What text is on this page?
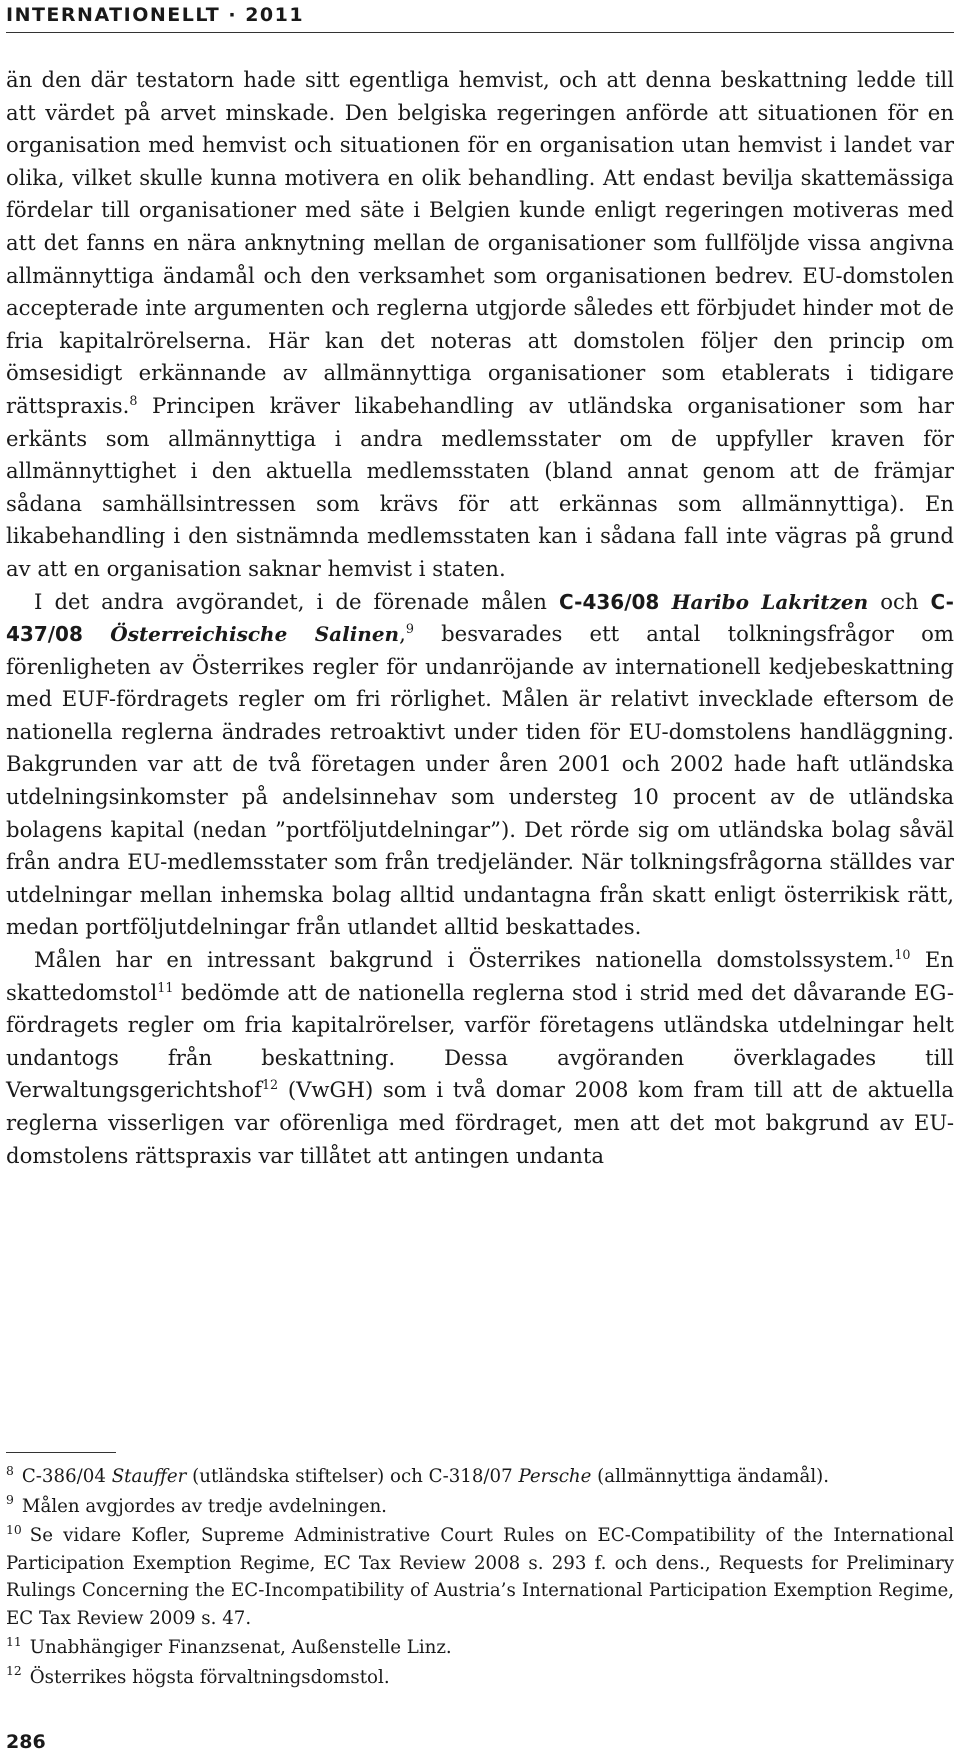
INTERNATIONELLT · 2011

än den där testatorn hade sitt egentliga hemvist, och att denna beskattning ledde till att värdet på arvet minskade. Den belgiska regeringen anförde att situationen för en organisation med hemvist och situationen för en organisation utan hemvist i landet var olika, vilket skulle kunna motivera en olik behandling. Att endast bevilja skattemässiga fördelar till organisationer med säte i Belgien kunde enligt regeringen motiveras med att det fanns en nära anknytning mellan de organisationer som fullföljde vissa angivna allmännyttiga ändamål och den verksamhet som organisationen bedrev. EU-domstolen accepterade inte argumenten och reglerna utgjorde således ett förbjudet hinder mot de fria kapitalrörelserna. Här kan det noteras att domstolen följer den princip om ömsesidigt erkännande av allmännyttiga organisationer som etablerats i tidigare rättspraxis.$^8$ Principen kräver likabehandling av utländska organisationer som har erkänts som allmännyttiga i andra medlemsstater om de uppfyller kraven för allmännyttighet i den aktuella medlemsstaten (bland annat genom att de främjar sådana samhällsintressen som krävs för att erkännas som allmännyttiga). En likabehandling i den sistnämnda medlemsstaten kan i sådana fall inte vägras på grund av att en organisation saknar hemvist i staten.

I det andra avgörandet, i de förenade målen C-436/08 Haribo Lakritzen och C-437/08 Österreichische Salinen,$^9$ besvarades ett antal tolkningsfrågor om förenligheten av Österrikes regler för undanröjande av internationell kedjebeskattning med EUF-fördragets regler om fri rörlighet. Målen är relativt invecklade eftersom de nationella reglerna ändrades retroaktivt under tiden för EU-domstolens handläggning. Bakgrunden var att de två företagen under åren 2001 och 2002 hade haft utländska utdelningsinkomster på andelsinnehav som understeg 10 procent av de utländska bolagens kapital (nedan ”portföljutdelningar”). Det rörde sig om utländska bolag såväl från andra EU-medlemsstater som från tredjeländer. När tolkningsfrågorna ställdes var utdelningar mellan inhemska bolag alltid undantagna från skatt enligt österrikisk rätt, medan portföljutdelningar från utlandet alltid beskattades.

Målen har en intressant bakgrund i Österrikes nationella domstolssystem.$^{10}$ En skattedomstol$^{11}$ bedömde att de nationella reglerna stod i strid med det dåvarande EG-fördragets regler om fria kapitalrörelser, varför företagens utländska utdelningar helt undantogs från beskattning. Dessa avgöranden överklagades till Verwaltungsgerichtshof$^{12}$ (VwGH) som i två domar 2008 kom fram till att de aktuella reglerna visserligen var oförenliga med fördraget, men att det mot bakgrund av EU-domstolens rättspraxis var tillåtet att antingen undanta

$^8$ C-386/04 Stauffer (utländska stiftelser) och C-318/07 Persche (allmännyttiga ändamål).

$^9$ Målen avgjordes av tredje avdelningen.

$^{10}$ Se vidare Kofler, Supreme Administrative Court Rules on EC-Compatibility of the International Participation Exemption Regime, EC Tax Review 2008 s. 293 f. och dens., Requests for Preliminary Rulings Concerning the EC-Incompatibility of Austria’s International Participation Exemption Regime, EC Tax Review 2009 s. 47.

$^{11}$ Unabhängiger Finanzsenat, Außenstelle Linz.

$^{12}$ Österrikes högsta förvaltningsdomstol.

286
